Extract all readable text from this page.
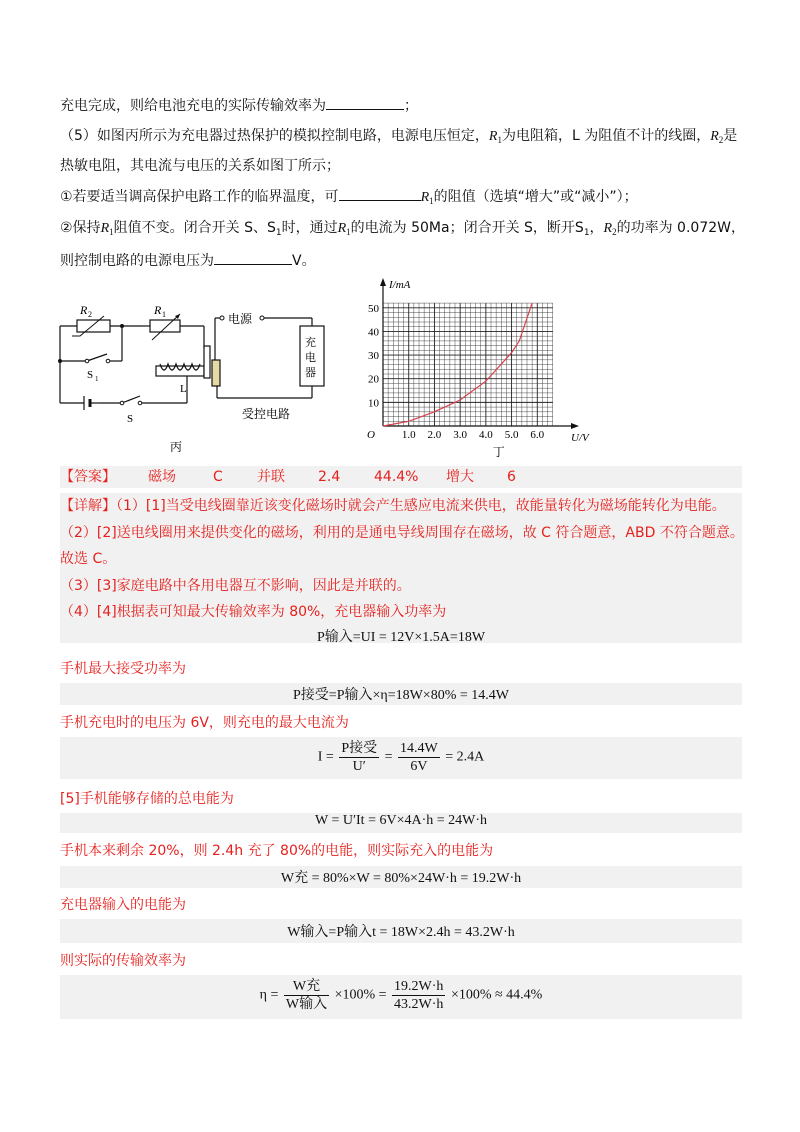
充电完成，则给电池充电的实际传输效率为	；
（5）如图丙所示为充电器过热保护的模拟控制电路，电源电压恒定，$R_1$为电阻箱，L 为阻值不计的线圈，$R_2$是
热敏电阻，其电流与电压的关系如图丁所示；
①若要适当调高保护电路工作的临界温度，可	$R_1$的阻值（选填“增大”或“减小”）；
②保持$R_1$阻值不变。闭合开关 S、$S_1$时，通过$R_1$的电流为 50Ma；闭合开关 S，断开$S_1$，$R_2$的功率为 0.072W，
则控制电路的电源电压为	V。
R 2	R 1
S 1
S
L
电源
充
电
器
受控电路
丙
1.0 2.0 3.0 4.0 5.0 6.0
10
20
30
40
50
O	U/V
I/mA
丁
【答案】 磁场	C 并联 2.4 44.4% 增大 6
【详解】（1）[1]当受电线圈靠近该变化磁场时就会产生感应电流来供电，故能量转化为磁场能转化为电能。
（2）[2]送电线圈用来提供变化的磁场，利用的是通电导线周围存在磁场，故 C 符合题意，ABD 不符合题意。
故选 C。
（3）[3]家庭电路中各用电器互不影响，因此是并联的。
（4）[4]根据表可知最大传输效率为 80%，充电器输入功率为
P输入=UI = 12V×1.5A=18W
手机最大接受功率为
P接受=P输入×η=18W×80% = 14.4W
手机充电时的电压为 6V，则充电的最大电流为
$I = \frac{\text{P接受}}{U'} = \frac{14.4W}{6V} = 2.4A$
[5]手机能够存储的总电能为
W = U′It = 6V×4A·h = 24W·h
手机本来剩余 20%，则 2.4h 充了 80%的电能，则实际充入的电能为
W充 = 80%×W = 80%×24W·h = 19.2W·h
充电器输入的电能为
W输入=P输入t = 18W×2.4h = 43.2W·h
则实际的传输效率为
$\eta = \frac{\text{W充}}{\text{W输入}} \times 100\% = \frac{19.2W\cdot h}{43.2W\cdot h} \times 100\% \approx 44.4\%$
